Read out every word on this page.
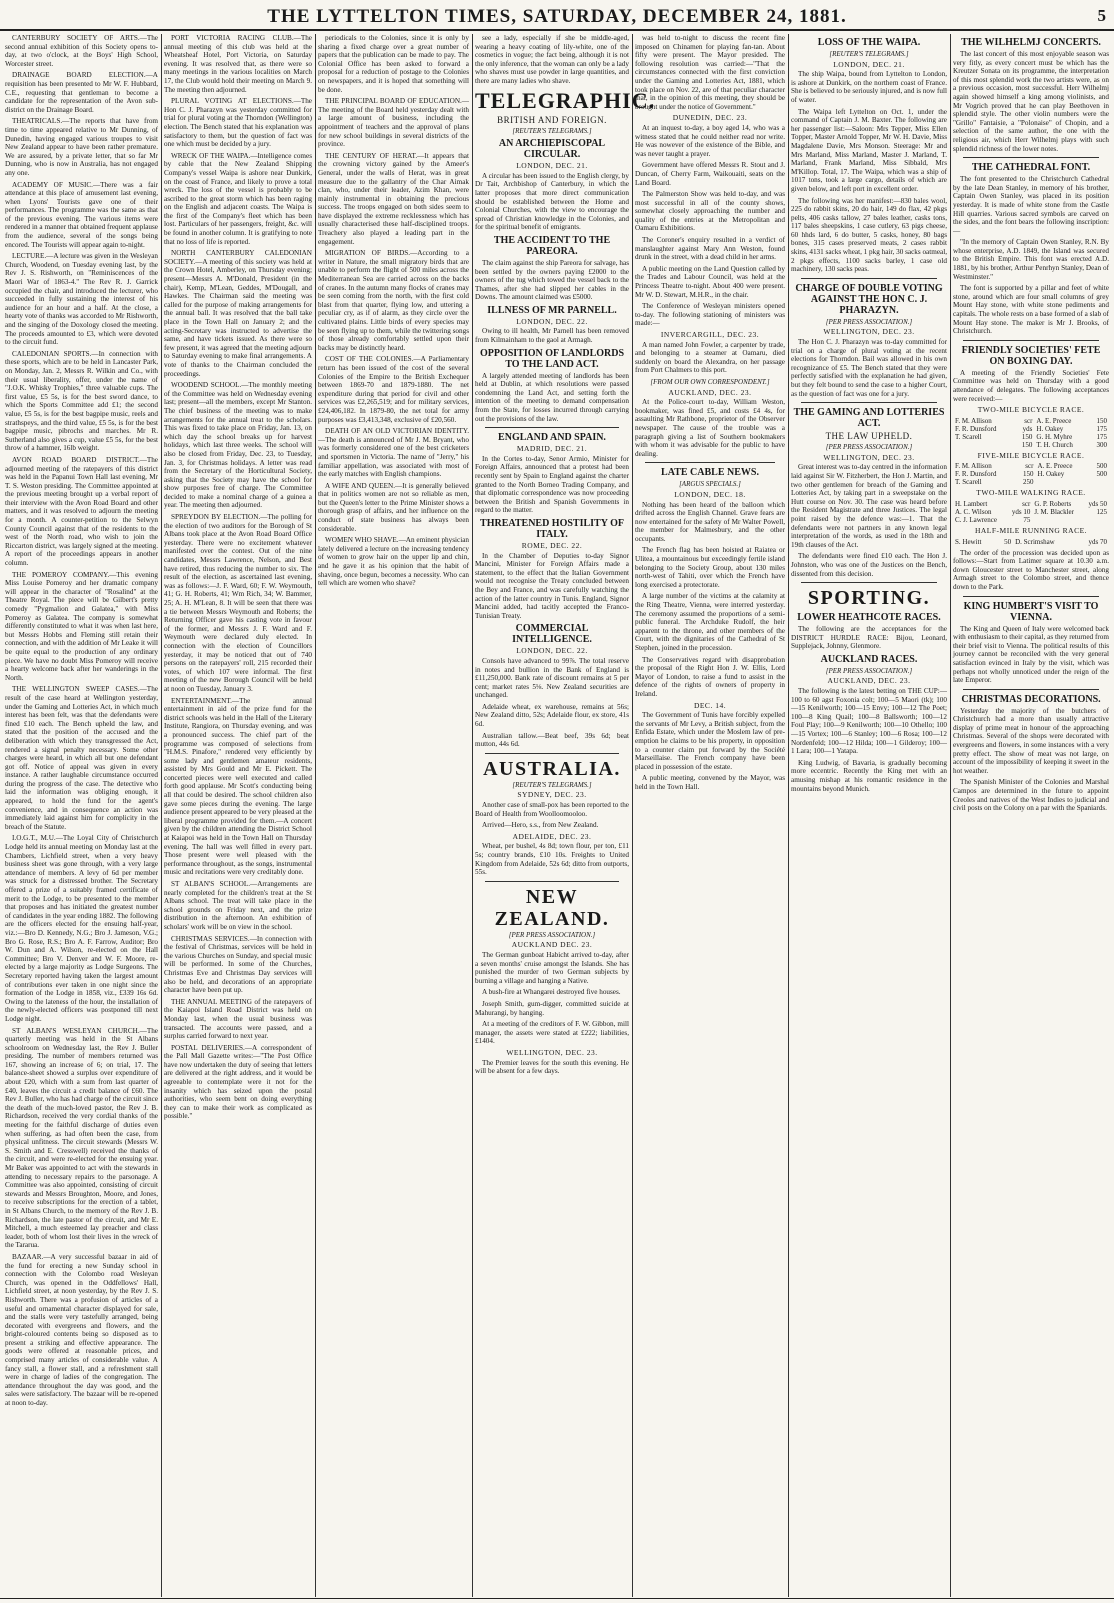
THE LYTTELTON TIMES, SATURDAY, DECEMBER 24, 1881.	5

CANTERBURY SOCIETY OF ARTS.—The second annual exhibition of this Society opens to-day, at two o'clock, at the Boys' High School, Worcester street.

DRAINAGE BOARD ELECTION.—A requisition has been presented to Mr W. F. Hubbard, C.E., requesting that gentleman to become a candidate for the representation of the Avon sub-district on the Drainage Board.

THEATRICALS.—The reports that have from time to time appeared relative to Mr Dunning, of Dunedin, having engaged various troupes to visit New Zealand appear to have been rather premature. We are assured, by a private letter, that so far Mr Dunning, who is now in Australia, has not engaged any one.

ACADEMY OF MUSIC.—There was a fair attendance at this place of amusement last evening, when Lyons' Tourists gave one of their performances. The programme was the same as that of the previous evening. The various items were rendered in a manner that obtained frequent applause from the audience, several of the songs being encored. The Tourists will appear again to-night.

LECTURE.—A lecture was given in the Wesleyan Church, Woodend, on Tuesday evening last, by the Rev J. S. Rishworth, on "Reminiscences of the Maori War of 1863-4." The Rev R. J. Garrick occupied the chair, and introduced the lecturer, who succeeded in fully sustaining the interest of his audience for an hour and a half. At the close, a hearty vote of thanks was accorded to Mr Rishworth, and the singing of the Doxology closed the meeting. The proceeds amounted to £3, which were devoted to the circuit fund.

CALEDONIAN SPORTS.—In connection with these sports, which are to be held in Lancaster Park, on Monday, Jan. 2, Messrs R. Wilkin and Co., with their usual liberality, offer, under the name of "J.O.K. Whisky Trophies," three valuable cups. The first value, £5 5s, is for the best sword dance, to which the Sports Committee add £1; the second value, £5 5s, is for the best bagpipe music, reels and strathspeys, and the third value, £5 5s, is for the best bagpipe music, pibrochs and marches. Mr R. Sutherland also gives a cup, value £5 5s, for the best throw of a hammer, 16lb weight.

AVON ROAD BOARD DISTRICT.—The adjourned meeting of the ratepayers of this district was held in the Papanui Town Hall last evening, Mr T. S. Weston presiding. The Committee appointed at the previous meeting brought up a verbal report of their interview with the Avon Road Board and other matters, and it was resolved to adjourn the meeting for a month. A counter-petition to the Selwyn County Council against that of the residents to the west of the North road, who wish to join the Riccarton district, was largely signed at the meeting. A report of the proceedings appears in another column.

THE POMEROY COMPANY.—This evening Miss Louise Pomeroy and her dramatic company will appear in the character of "Rosalind" at the Theatre Royal. The piece will be Gilbert's pretty comedy "Pygmalion and Galatea," with Miss Pomeroy as Galatea. The company is somewhat differently constituted to what it was when last here, but Messrs Hobbs and Fleming still retain their connection, and with the addition of Mr Leake it will be quite equal to the production of any ordinary piece. We have no doubt Miss Pomeroy will receive a hearty welcome back after her wanderings in the North.

THE WELLINGTON SWEEP CASES.—The result of the case heard at Wellington yesterday, under the Gaming and Lotteries Act, in which much interest has been felt, was that the defendants were fined £10 each. The Bench upheld the law, and stated that the position of the accused and the deliberation with which they transgressed the Act, rendered a signal penalty necessary. Some other charges were heard, in which all but one defendant got off. Notice of appeal was given in every instance. A rather laughable circumstance occurred during the progress of the case. The detective who laid the information was obliging enough, it appeared, to hold the fund for the agent's convenience, and in consequence an action was immediately laid against him for complicity in the breach of the Statute.

I.O.G.T., M.U.—The Loyal City of Christchurch Lodge held its annual meeting on Monday last at the Chambers, Lichfield street, when a very heavy business sheet was gone through, with a very large attendance of members. A levy of 6d per member was struck for a distressed brother. The Secretary offered a prize of a suitably framed certificate of merit to the Lodge, to be presented to the member that proposes and has initiated the greatest number of candidates in the year ending 1882. The following are the officers elected for the ensuing half-year, viz.:—Bro D. Kennedy, N.G.; Bro J. Jameson, V.G.; Bro G. Rose, R.S.; Bro A. F. Farrow, Auditor; Bro W. Dun and A. Wilson, re-elected on the Hall Committee; Bro V. Denver and W. F. Moore, re-elected by a large majority as Lodge Surgeons. The Secretary reported having taken the largest amount of contributions ever taken in one night since the formation of the Lodge in 1858, viz., £339 16s 6d. Owing to the lateness of the hour, the installation of the newly-elected officers was postponed till next Lodge night.

ST ALBAN'S WESLEYAN CHURCH.—The quarterly meeting was held in the St Albans schoolroom on Wednesday last, the Rev J. Buller presiding. The number of members returned was 167, showing an increase of 6; on trial, 17. The balance-sheet showed a surplus over expenditure of about £20, which with a sum from last quarter of £40, leaves the circuit a credit balance of £60. The Rev J. Buller, who has had charge of the circuit since the death of the much-loved pastor, the Rev J. B. Richardson, received the very cordial thanks of the meeting for the faithful discharge of duties even when suffering, as had often been the case, from physical unfitness. The circuit stewards (Messrs W. S. Smith and E. Cresswell) received the thanks of the circuit, and were re-elected for the ensuing year. Mr Baker was appointed to act with the stewards in attending to necessary repairs to the parsonage. A Committee was also appointed, consisting of circuit stewards and Messrs Broughton, Moore, and Jones, to receive subscriptions for the erection of a tablet, in St Albans Church, to the memory of the Rev J. B. Richardson, the late pastor of the circuit, and Mr E. Mitchell, a much esteemed lay preacher and class leader, both of whom lost their lives in the wreck of the Tararua.

BAZAAR.—A very successful bazaar in aid of the fund for erecting a new Sunday school in connection with the Colombo road Wesleyan Church, was opened in the Oddfellows' Hall, Lichfield street, at noon yesterday, by the Rev J. S. Rishworth. There was a profusion of articles of a useful and ornamental character displayed for sale, and the stalls were very tastefully arranged, being decorated with evergreens and flowers, and the bright-coloured contents being so disposed as to present a striking and effective appearance. The goods were offered at reasonable prices, and comprised many articles of considerable value. A fancy stall, a flower stall, and a refreshment stall were in charge of ladies of the congregation. The attendance throughout the day was good, and the sales were satisfactory. The bazaar will be re-opened at noon to-day.

PORT VICTORIA RACING CLUB.—The annual meeting of this club was held at the Wheatsheaf Hotel, Port Victoria, on Saturday evening. It was resolved that, as there were so many meetings in the various localities on March 17, the Club would hold their meeting on March 9. The meeting then adjourned.

PLURAL VOTING AT ELECTIONS.—The Hon C. J. Pharazyn was yesterday committed for trial for plural voting at the Thorndon (Wellington) election. The Bench stated that his explanation was satisfactory to them, but the question of fact was one which must be decided by a jury.

WRECK OF THE WAIPA.—Intelligence comes by cable that the New Zealand Shipping Company's vessel Waipa is ashore near Dunkirk, on the coast of France, and likely to prove a total wreck. The loss of the vessel is probably to be ascribed to the great storm which has been raging on the English and adjacent coasts. The Waipa is the first of the Company's fleet which has been lost. Particulars of her passengers, freight, &c. will be found in another column. It is gratifying to note that no loss of life is reported.

NORTH CANTERBURY CALEDONIAN SOCIETY.—A meeting of this society was held at the Crown Hotel, Amberley, on Thursday evening; present—Messrs A. M'Donald, President (in the chair), Kemp, M'Lean, Geddes, M'Dougall, and Hawkes. The Chairman said the meeting was called for the purpose of making arrangements for the annual ball. It was resolved that the ball take place in the Town Hall on January 2; and the acting-Secretary was instructed to advertise the same, and have tickets issued. As there were so few present, it was agreed that the meeting adjourn to Saturday evening to make final arrangements. A vote of thanks to the Chairman concluded the proceedings.

WOODEND SCHOOL.—The monthly meeting of the Committee was held on Wednesday evening last; present—all the members, except Mr Stanton. The chief business of the meeting was to make arrangements for the annual treat to the scholars. This was fixed to take place on Friday, Jan. 13, on which day the school breaks up for harvest holidays, which last three weeks. The school will also be closed from Friday, Dec. 23, to Tuesday, Jan. 3, for Christmas holidays. A letter was read from the Secretary of the Horticultural Society, asking that the Society may have the school for show purposes free of charge. The Committee decided to make a nominal charge of a guinea a year. The meeting then adjourned.

SPREYDON BY ELECTION.—The polling for the election of two auditors for the Borough of St Albans took place at the Avon Road Board Office yesterday. There were no excitement whatever manifested over the contest. Out of the nine candidates, Messrs Lawrence, Nelson, and Best have retired, thus reducing the number to six. The result of the election, as ascertained last evening, was as follows:—J. F. Ward, 60; F. W. Weymouth, 41; G. H. Roberts, 41; Wm Rich, 34; W. Bammer, 25; A. H. M'Lean, 8. It will be seen that there was a tie between Messrs Weymouth and Roberts; the Returning Officer gave his casting vote in favour of the former, and Messrs J. F. Ward and F. Weymouth were declared duly elected. In connection with the election of Councillors yesterday, it may be noticed that out of 740 persons on the ratepayers' roll, 215 recorded their votes, of which 107 were informal. The first meeting of the new Borough Council will be held at noon on Tuesday, January 3.

ENTERTAINMENT.—The annual entertainment in aid of the prize fund for the district schools was held in the Hall of the Literary Institute, Rangiora, on Thursday evening, and was a pronounced success. The chief part of the programme was composed of selections from "H.M.S. Pinafore," rendered very efficiently by some lady and gentlemen amateur residents, assisted by Mrs Gould and Mr E. Pickett. The concerted pieces were well executed and called forth good applause. Mr Scott's conducting being all that could be desired. The school children also gave some pieces during the evening. The large audience present appeared to be very pleased at the liberal programme provided for them.—A concert given by the children attending the District School at Kaiapoi was held in the Town Hall on Thursday evening. The hall was well filled in every part. Those present were well pleased with the performance throughout, as the songs, instrumental music and recitations were very creditably done.

ST ALBAN'S SCHOOL.—Arrangements are nearly completed for the children's treat at the St Albans school. The treat will take place in the school grounds on Friday next, and the prize distribution in the afternoon. An exhibition of scholars' work will be on view in the school.

CHRISTMAS SERVICES.—In connection with the festival of Christmas, services will be held in the various Churches on Sunday, and special music will be performed. In some of the Churches, Christmas Eve and Christmas Day services will also be held, and decorations of an appropriate character have been put up.

THE ANNUAL MEETING of the ratepayers of the Kaiapoi Island Road District was held on Monday last, when the usual business was transacted. The accounts were passed, and a surplus carried forward to next year.

POSTAL DELIVERIES.—A correspondent of the Pall Mall Gazette writes:—"The Post Office have now undertaken the duty of seeing that letters are delivered at the right address, and it would be agreeable to contemplate were it not for the insanity which has seized upon the postal authorities, who seem bent on doing everything they can to make their work as complicated as possible."

periodicals to the Colonies, since it is only by sharing a fixed charge over a great number of papers that the publication can be made to pay. The Colonial Office has been asked to forward a proposal for a reduction of postage to the Colonies on newspapers, and it is hoped that something will be done.

THE PRINCIPAL BOARD OF EDUCATION.—The meeting of the Board held yesterday dealt with a large amount of business, including the appointment of teachers and the approval of plans for new school buildings in several districts of the province.

THE CENTURY OF HERAT.—It appears that the crowning victory gained by the Ameer's General, under the walls of Herat, was in great measure due to the gallantry of the Char Aimak clan, who, under their leader, Azim Khan, were mainly instrumental in obtaining the precious success. The troops engaged on both sides seem to have displayed the extreme recklessness which has usually characterised these half-disciplined troops. Treachery also played a leading part in the engagement.

MIGRATION OF BIRDS.—According to a writer in Nature, the small migratory birds that are unable to perform the flight of 500 miles across the Mediterranean Sea are carried across on the backs of cranes. In the autumn many flocks of cranes may be seen coming from the north, with the first cold blast from that quarter, flying low, and uttering a peculiar cry, as if of alarm, as they circle over the cultivated plains. Little birds of every species may be seen flying up to them, while the twittering songs of those already comfortably settled upon their backs may be distinctly heard.

COST OF THE COLONIES.—A Parliamentary return has been issued of the cost of the several Colonies of the Empire to the British Exchequer between 1869-70 and 1879-1880. The net expenditure during that period for civil and other services was £2,265,519; and for military services, £24,406,182. In 1879-80, the net total for army purposes was £3,413,348, exclusive of £20,560.

DEATH OF AN OLD VICTORIAN IDENTITY.—The death is announced of Mr J. M. Bryant, who was formerly considered one of the best cricketers and sportsmen in Victoria. The name of "Jerry," his familiar appellation, was associated with most of the early matches with English champions.

A WIFE AND QUEEN.—It is generally believed that in politics women are not so reliable as men, but the Queen's letter to the Prime Minister shows a thorough grasp of affairs, and her influence on the conduct of state business has always been considerable.

WOMEN WHO SHAVE.—An eminent physician lately delivered a lecture on the increasing tendency of women to grow hair on the upper lip and chin, and he gave it as his opinion that the habit of shaving, once begun, becomes a necessity. Who can tell which are women who shave?

see a lady, especially if she be middle-aged, wearing a heavy coating of lily-white, one of the cosmetics in vogue; the fact being, although it is not the only inference, that the woman can only be a lady who shaves must use powder in large quantities, and there are many ladies who shave.

TELEGRAPHIC.
BRITISH AND FOREIGN.
[REUTER'S TELEGRAMS.]
AN ARCHIEPISCOPAL CIRCULAR.
LONDON, DEC. 21.

A circular has been issued to the English clergy, by Dr Tait, Archbishop of Canterbury, in which the latter proposes that more direct communication should be established between the Home and Colonial Churches, with the view to encourage the spread of Christian knowledge in the Colonies, and for the spiritual benefit of emigrants.

THE ACCIDENT TO THE PAREORA.

The claim against the ship Pareora for salvage, has been settled by the owners paying £2000 to the owners of the tug which towed the vessel back to the Thames, after she had slipped her cables in the Downs. The amount claimed was £5000.

ILLNESS OF MR PARNELL.
LONDON, DEC. 22.

Owing to ill health, Mr Parnell has been removed from Kilmainham to the gaol at Armagh.

OPPOSITION OF LANDLORDS TO THE LAND ACT.

A largely attended meeting of landlords has been held at Dublin, at which resolutions were passed condemning the Land Act, and setting forth the intention of the meeting to demand compensation from the State, for losses incurred through carrying out the provisions of the law.

ENGLAND AND SPAIN.
MADRID, DEC. 21.

In the Cortes to-day, Senor Armio, Minister for Foreign Affairs, announced that a protest had been recently sent by Spain to England against the charter granted to the North Borneo Trading Company, and that diplomatic correspondence was now proceeding between the British and Spanish Governments in regard to the matter.

THREATENED HOSTILITY OF ITALY.
ROME, DEC. 22.

In the Chamber of Deputies to-day Signor Mancini, Minister for Foreign Affairs made a statement, to the effect that the Italian Government would not recognise the Treaty concluded between the Bey and France, and was carefully watching the action of the latter country in Tunis. England, Signor Mancini added, had tacitly accepted the Franco-Tunisian Treaty.

COMMERCIAL INTELLIGENCE.
LONDON, DEC. 22.

Consols have advanced to 99⅞. The total reserve in notes and bullion in the Bank of England is £11,250,000. Bank rate of discount remains at 5 per cent; market rates 5⅛. New Zealand securities are unchanged.

Adelaide wheat, ex warehouse, remains at 56s; New Zealand ditto, 52s; Adelaide flour, ex store, 41s 6d.

Australian tallow.—Beat beef, 39s 6d; beat mutton, 44s 6d.

AUSTRALIA.
[REUTER'S TELEGRAMS.]
SYDNEY, DEC. 23.

Another case of small-pox has been reported to the Board of Health from Woolloomooloo.

Arrived—Hero, s.s., from New Zealand.

ADELAIDE, DEC. 23.

Wheat, per bushel, 4s 8d; town flour, per ton, £11 5s; country brands, £10 10s. Freights to United Kingdom from Adelaide, 52s 6d; ditto from outports, 55s.

NEW ZEALAND.
[PER PRESS ASSOCIATION.]
AUCKLAND DEC. 23.

The German gunboat Habicht arrived to-day, after a seven months' cruise amongst the Islands. She has punished the murder of two German subjects by burning a village and hanging a Native.

A bush-fire at Whangarei destroyed five houses.

Joseph Smith, gum-digger, committed suicide at Mahurangi, by hanging.

At a meeting of the creditors of F. W. Gibbon, mill manager, the assets were stated at £222; liabilities, £1404.

WELLINGTON, DEC. 23.

The Premier leaves for the south this evening. He will be absent for a few days.

was held to-night to discuss the recent fine imposed on Chinamen for playing fan-tan. About fifty were present. The Mayor presided. The following resolution was carried:—"That the circumstances connected with the first conviction under the Gaming and Lotteries Act, 1881, which took place on Nov. 22, are of that peculiar character that, in the opinion of this meeting, they should be brought under the notice of Government."

DUNEDIN, DEC. 23.

At an inquest to-day, a boy aged 14, who was a witness stated that he could neither read nor write. He was nowever of the existence of the Bible, and was never taught a prayer.

Government have offered Messrs R. Stout and J. Duncan, of Cherry Farm, Waikouaiti, seats on the Land Board.

The Palmerston Show was held to-day, and was most successful in all of the county shows, somewhat closely approaching the number and quality of the entries at the Metropolitan and Oamaru Exhibitions.

The Coroner's enquiry resulted in a verdict of manslaughter against Mary Ann Weston, found drunk in the street, with a dead child in her arms.

A public meeting on the Land Question called by the Trades and Labour Council, was held at the Princess Theatre to-night. About 400 were present. Mr W. D. Stewart, M.H.R., in the chair.

The Conference of Wesleyan ministers opened to-day. The following stationing of ministers was made:—

INVERCARGILL, DEC. 23.

A man named John Fowler, a carpenter by trade, and belonging to a steamer at Oamaru, died suddenly on board the Alexandra, on her passage from Port Chalmers to this port.

[FROM OUR OWN CORRESPONDENT.]
AUCKLAND, DEC. 23.

At the Police-court to-day, William Weston, bookmaker, was fined £5, and costs £4 4s, for assaulting Mr Rathbone, proprietor of the Observer newspaper. The cause of the trouble was a paragraph giving a list of Southern bookmakers with whom it was advisable for the public to have dealing.

LATE CABLE NEWS.
[ARGUS SPECIALS.]
LONDON, DEC. 18.

Nothing has been heard of the balloon which drifted across the English Channel. Grave fears are now entertained for the safety of Mr Walter Powell, the member for Malmesbury, and the other occupants.

The French flag has been hoisted at Raiatea or Ulitea, a mountainous but exceedingly fertile island belonging to the Society Group, about 130 miles north-west of Tahiti, over which the French have long exercised a protectorate.

A large number of the victims at the calamity at the Ring Theatre, Vienna, were interred yesterday. The ceremony assumed the proportions of a semi-public funeral. The Archduke Rudolf, the heir apparent to the throne, and other members of the Court, with the dignitaries of the Cathedral of St Stephen, joined in the procession.

The Conservatives regard with disapprobation the proposal of the Right Hon J. W. Ellis, Lord Mayor of London, to raise a fund to assist in the defence of the rights of owners of property in Ireland.

DEC. 14.

The Government of Tunis have forcibly expelled the servants of Mr Levy, a British subject, from the Enfida Estate, which under the Moslem law of pre-emption he claims to be his property, in opposition to a counter claim put forward by the Société Marseillaise. The French company have been placed in possession of the estate.

A public meeting, convened by the Mayor, was held in the Town Hall.

LOSS OF THE WAIPA.
[REUTER'S TELEGRAMS.]
LONDON, DEC. 21.

The ship Waipa, bound from Lyttelton to London, is ashore at Dunkirk, on the northern coast of France. She is believed to be seriously injured, and is now full of water.

The Waipa left Lyttelton on Oct. 1, under the command of Captain J. M. Baxter. The following are her passenger list:—Saloon: Mrs Tepper, Miss Ellen Topper, Master Arnold Topper, Mr W. H. Davie, Miss Magdalene Davie, Mrs Monson. Steerage: Mr and Mrs Marland, Miss Marland, Master J. Marland, T. Marland, Frank Marland, Miss Sibbald, Mrs M'Killop. Total, 17. The Waipa, which was a ship of 1017 tons, took a large cargo, details of which are given below, and left port in excellent order.

The following was her manifest:—830 bales wool, 225 do rabbit skins, 20 do hair, 149 do flax, 42 pkgs pelts, 406 casks tallow, 27 bales leather, casks tons, 117 bales sheepskins, 1 case cutlery, 63 pigs cheese, 60 hhds lard, 6 do butter, 5 casks, honey, 80 bags bones, 315 cases preserved meats, 2 cases rabbit skins, 4131 sacks wheat, 1 pkg hair, 30 sacks oatmeal, 2 pkgs effects, 1100 sacks barley, 1 case old machinery, 130 sacks peas.

CHARGE OF DOUBLE VOTING AGAINST THE HON C. J. PHARAZYN.
[PER PRESS ASSOCIATION.]
WELLINGTON, DEC. 23.

The Hon C. J. Pharazyn was to-day committed for trial on a charge of plural voting at the recent elections for Thorndon. Bail was allowed in his own recognizance of £5. The Bench stated that they were perfectly satisfied with the explanation he had given, but they felt bound to send the case to a higher Court, as the question of fact was one for a jury.

THE GAMING AND LOTTERIES ACT.
THE LAW UPHELD.
[PER PRESS ASSOCIATION.]
WELLINGTON, DEC. 23.

Great interest was to-day centred in the information laid against Sir W. Fitzherbert, the Hon J. Martin, and two other gentlemen for breach of the Gaming and Lotteries Act, by taking part in a sweepstake on the Hutt course on Nov. 30. The case was heard before the Resident Magistrate and three Justices. The legal point raised by the defence was:—1. That the defendants were not partners in any known legal interpretation of the words, as used in the 18th and 19th clauses of the Act.

The defendants were fined £10 each. The Hon J. Johnston, who was one of the Justices on the Bench, dissented from this decision.

SPORTING.
LOWER HEATHCOTE RACES.

The following are the acceptances for the DISTRICT HURDLE RACE: Bijou, Leonard, Supplejack, Johnny, Glenmore.

AUCKLAND RACES.
[PER PRESS ASSOCIATION.]
AUCKLAND, DEC. 23.

The following is the latest betting on THE CUP:—100 to 60 agst Foxonia colt; 100—5 Maori (tk); 100—15 Kenilworth; 100—15 Envy; 100—12 The Poet; 100—8 King Quail; 100—8 Ballsworth; 100—12 Foul Play; 100—9 Kenilworth; 100—10 Othello; 100—15 Vortex; 100—6 Stanley; 100—6 Rosa; 100—12 Nordenfeld; 100—12 Hilda; 100—1 Gilderoy; 100—1 Lara; 100—1 Yatapa.

King Ludwig, of Bavaria, is gradually becoming more eccentric. Recently the King met with an amusing mishap at his romantic residence in the mountains beyond Munich.

THE WILHELMJ CONCERTS.

The last concert of this most enjoyable season was very fitly, as every concert must be which has the Kreutzer Sonata on its programme, the interpretation of this most splendid work the two artists were, as on a previous occasion, most successful. Herr Wilhelmj again showed himself a king among violinists, and Mr Vogrich proved that he can play Beethoven in splendid style. The other violin numbers were the "Grillo" Fantaisie, a "Polonaise" of Chopin, and a selection of the same author, the one with the religious air, which Herr Wilhelmj plays with such splendid richness of the lower notes.

THE CATHEDRAL FONT.

The font presented to the Christchurch Cathedral by the late Dean Stanley, in memory of his brother, Captain Owen Stanley, was placed in its position yesterday. It is made of white stone from the Castle Hill quarries. Various sacred symbols are carved on the sides, and the font bears the following inscription:—

"In the memory of Captain Owen Stanley, R.N. By whose enterprise, A.D. 1849, the Island was secured to the British Empire. This font was erected A.D. 1881, by his brother, Arthur Penrhyn Stanley, Dean of Westminster."

The font is supported by a pillar and feet of white stone, around which are four small columns of grey Mount Hay stone, with white stone pediments and capitals. The whole rests on a base formed of a slab of Mount Hay stone. The maker is Mr J. Brooks, of Christchurch.

FRIENDLY SOCIETIES' FETE ON BOXING DAY.

A meeting of the Friendly Societies' Fete Committee was held on Thursday with a good attendance of delegates. The following acceptances were received:—

TWO-MILE BICYCLE RACE.
F. M. Allison	scr	A. E. Preece	150
F. R. Dunsford	yds	H. Oakey	175
T. Scarell	150	G. H. Myhre	175
	150	T. H. Church	300
FIVE-MILE BICYCLE RACE.
F. M. Allison	scr	A. E. Preece	500
F. R. Dunsford	150	H. Oakey	500
T. Scarell	250		
TWO-MILE WALKING RACE.
H. Lambert	scr	G. P. Roberts	yds 50
A. C. Wilson	yds 10	J. M. Blackler	125
C. J. Lawrence	75		
HALF-MILE RUNNING RACE.
S. Hewitt	50	D. Scrimshaw	yds 70

The order of the procession was decided upon as follows:—Start from Latimer square at 10.30 a.m. down Gloucester street to Manchester street, along Armagh street to the Colombo street, and thence down to the Park.

KING HUMBERT'S VISIT TO VIENNA.

The King and Queen of Italy were welcomed back with enthusiasm to their capital, as they returned from their brief visit to Vienna. The political results of this journey cannot be reconciled with the very general satisfaction evinced in Italy by the visit, which was perhaps not wholly unnoticed under the reign of the late Emperor.

CHRISTMAS DECORATIONS.

Yesterday the majority of the butchers of Christchurch had a more than usually attractive display of prime meat in honour of the approaching Christmas. Several of the shops were decorated with evergreens and flowers, in some instances with a very pretty effect. The show of meat was not large, on account of the impossibility of keeping it sweet in the hot weather.

The Spanish Minister of the Colonies and Marshal Campos are determined in the future to appoint Creoles and natives of the West Indies to judicial and civil posts on the Colony on a par with the Spaniards.
